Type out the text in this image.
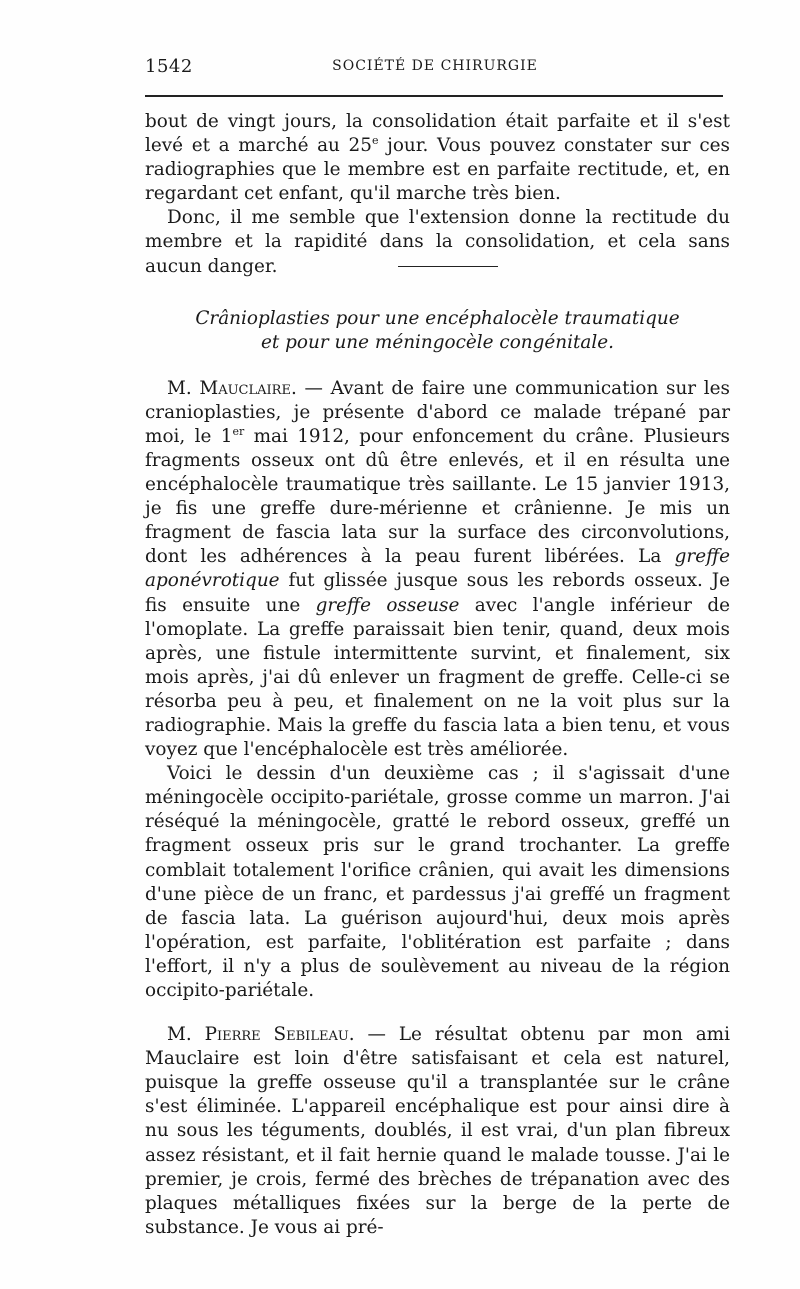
1542	SOCIÉTÉ DE CHIRURGIE

bout de vingt jours, la consolidation était parfaite et il s'est levé et a marché au 25e jour. Vous pouvez constater sur ces radiographies que le membre est en parfaite rectitude, et, en regardant cet enfant, qu'il marche très bien.

Donc, il me semble que l'extension donne la rectitude du membre et la rapidité dans la consolidation, et cela sans aucun danger.

Crânioplasties pour une encéphalocèle traumatique
et pour une méningocèle congénitale.

M. Mauclaire. — Avant de faire une communication sur les cranioplasties, je présente d'abord ce malade trépané par moi, le 1er mai 1912, pour enfoncement du crâne. Plusieurs fragments osseux ont dû être enlevés, et il en résulta une encéphalocèle traumatique très saillante. Le 15 janvier 1913, je fis une greffe dure-mérienne et crânienne. Je mis un fragment de fascia lata sur la surface des circonvolutions, dont les adhérences à la peau furent libérées. La greffe aponévrotique fut glissée jusque sous les rebords osseux. Je fis ensuite une greffe osseuse avec l'angle inférieur de l'omoplate. La greffe paraissait bien tenir, quand, deux mois après, une fistule intermittente survint, et finalement, six mois après, j'ai dû enlever un fragment de greffe. Celle-ci se résorba peu à peu, et finalement on ne la voit plus sur la radiographie. Mais la greffe du fascia lata a bien tenu, et vous voyez que l'encéphalocèle est très améliorée.

Voici le dessin d'un deuxième cas ; il s'agissait d'une méningocèle occipito-pariétale, grosse comme un marron. J'ai réséqué la méningocèle, gratté le rebord osseux, greffé un fragment osseux pris sur le grand trochanter. La greffe comblait totalement l'orifice crânien, qui avait les dimensions d'une pièce de un franc, et pardessus j'ai greffé un fragment de fascia lata. La guérison aujourd'hui, deux mois après l'opération, est parfaite, l'oblitération est parfaite ; dans l'effort, il n'y a plus de soulèvement au niveau de la région occipito-pariétale.

M. Pierre Sebileau. — Le résultat obtenu par mon ami Mauclaire est loin d'être satisfaisant et cela est naturel, puisque la greffe osseuse qu'il a transplantée sur le crâne s'est éliminée. L'appareil encéphalique est pour ainsi dire à nu sous les téguments, doublés, il est vrai, d'un plan fibreux assez résistant, et il fait hernie quand le malade tousse. J'ai le premier, je crois, fermé des brèches de trépanation avec des plaques métalliques fixées sur la berge de la perte de substance. Je vous ai pré-
